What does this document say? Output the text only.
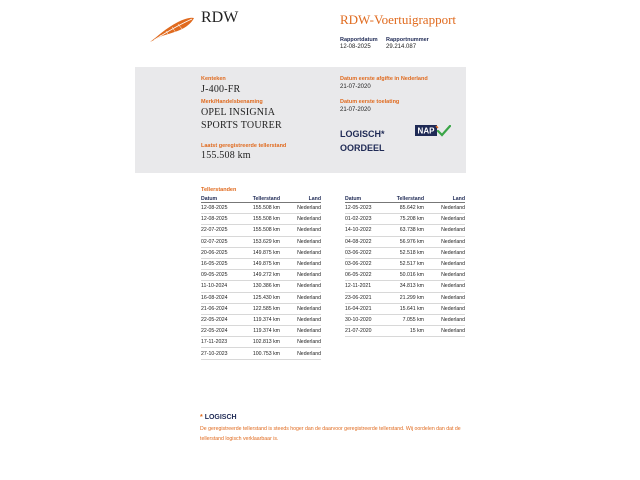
RDW	RDW-Voertuigrapport
Rapportdatum
12-08-2025
Rapportnummer
29.214.087
Kenteken
J-400-FR
Merk/Handelsbenaming
OPEL INSIGNIA
SPORTS TOURER
Laatst geregistreerde tellerstand
155.508 km
Datum eerste afgifte in Nederland
21-07-2020
Datum eerste toelating
21-07-2020
LOGISCH*
OORDEEL
NAP
Tellerstanden
Datum	Tellerstand	Land
12-08-2025	155.508 km	Nederland
12-08-2025	155.508 km	Nederland
22-07-2025	155.508 km	Nederland
02-07-2025	153.629 km	Nederland
20-06-2025	149.875 km	Nederland
16-05-2025	149.875 km	Nederland
09-05-2025	149.272 km	Nederland
11-10-2024	130.386 km	Nederland
16-08-2024	125.430 km	Nederland
21-06-2024	122.585 km	Nederland
22-05-2024	119.374 km	Nederland
22-05-2024	119.374 km	Nederland
17-11-2023	102.813 km	Nederland
27-10-2023	100.753 km	Nederland
Datum	Tellerstand	Land
12-05-2023	85.642 km	Nederland
01-02-2023	75.208 km	Nederland
14-10-2022	63.738 km	Nederland
04-08-2022	56.976 km	Nederland
03-06-2022	52.518 km	Nederland
03-06-2022	52.517 km	Nederland
06-05-2022	50.016 km	Nederland
12-11-2021	34.813 km	Nederland
23-06-2021	21.299 km	Nederland
16-04-2021	15.641 km	Nederland
30-10-2020	7.055 km	Nederland
21-07-2020	15 km	Nederland
* LOGISCH
De geregistreerde tellerstand is steeds hoger dan de daarvoor geregistreerde tellerstand. Wij oordelen dan dat de tellerstand logisch verklaarbaar is.
